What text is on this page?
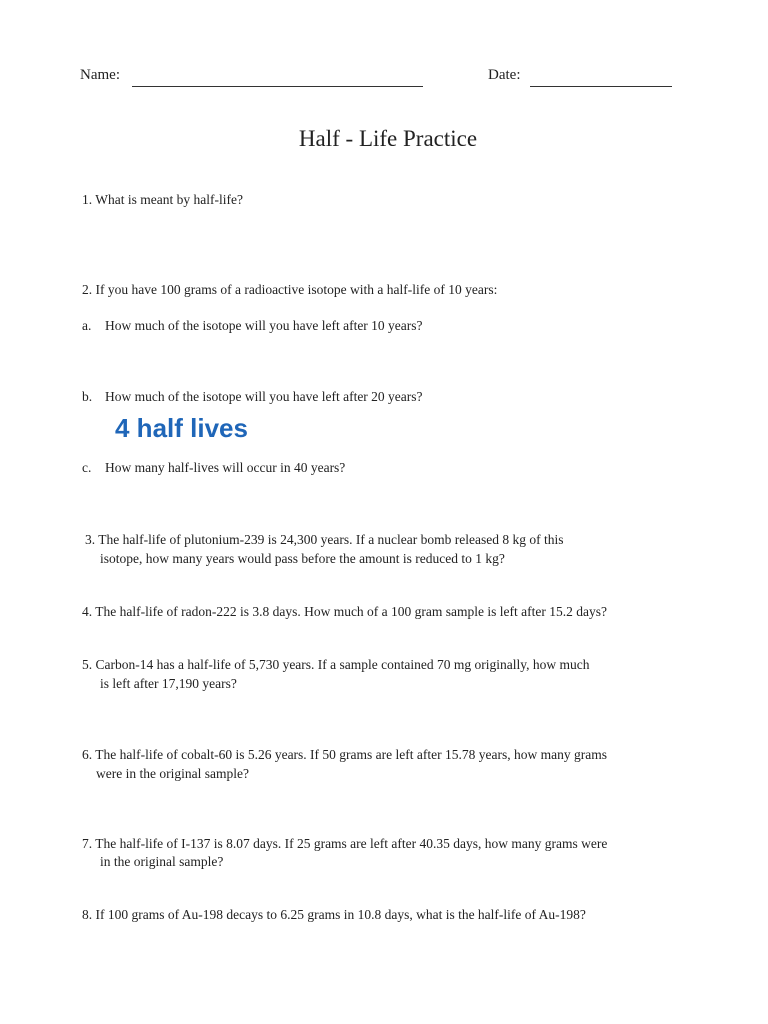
Name:	Date:
Half - Life Practice
1. What is meant by half-life?
2. If you have 100 grams of a radioactive isotope with a half-life of 10 years:
a. How much of the isotope will you have left after 10 years?
b. How much of the isotope will you have left after 20 years?
4 half lives
c. How many half-lives will occur in 40 years?
3. The half-life of plutonium-239 is 24,300 years. If a nuclear bomb released 8 kg of this
isotope, how many years would pass before the amount is reduced to 1 kg?
4. The half-life of radon-222 is 3.8 days. How much of a 100 gram sample is left after 15.2 days?
5. Carbon-14 has a half-life of 5,730 years. If a sample contained 70 mg originally, how much
is left after 17,190 years?
6. The half-life of cobalt-60 is 5.26 years. If 50 grams are left after 15.78 years, how many grams
were in the original sample?
7. The half-life of I-137 is 8.07 days. If 25 grams are left after 40.35 days, how many grams were
in the original sample?
8. If 100 grams of Au-198 decays to 6.25 grams in 10.8 days, what is the half-life of Au-198?
